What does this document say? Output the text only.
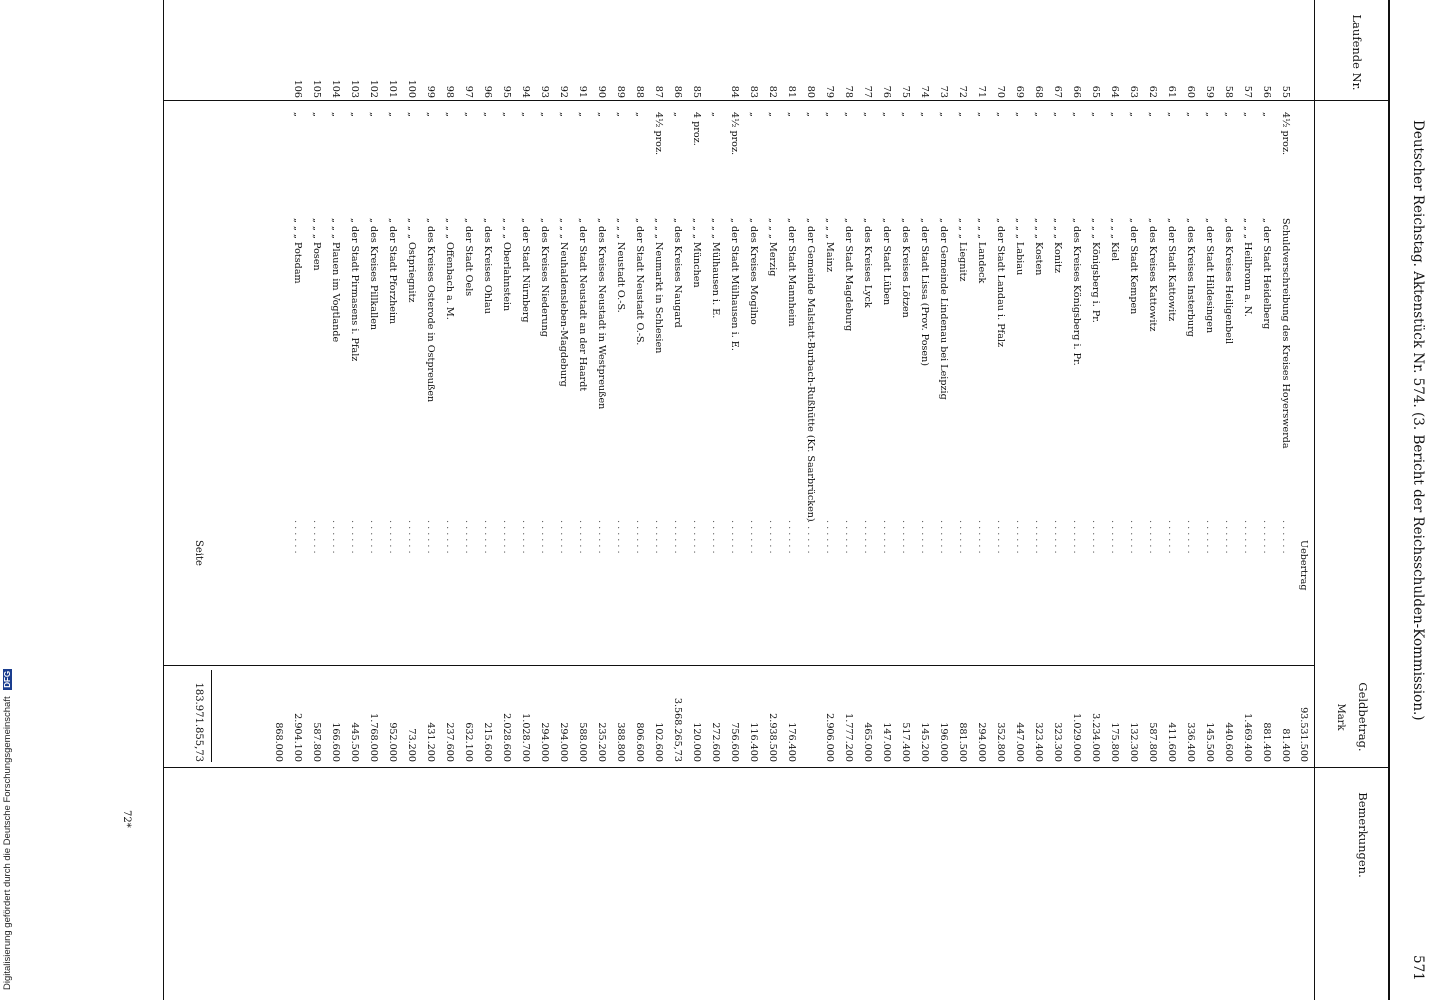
Digitalisierung gefördert durch die Deutsche Forschungsgemeinschaft DFG	Deutscher Reichstag. Aktenstück Nr. 574. (3. Bericht der Reichsschulden-Kommission.)
571
Laufende Nr.
Geldbetrag.
Mark
Bemerkungen.
Uebertrag
93.531.500
55
4½ proz.
Schuldverschreibung des Kreises Hoyerswerda
81.400
. . . . . .
56
„
„ der Stadt Heidelberg
881.400
. . . . . .
57
„
„ „ „ Heilbronn a. N.
1.469.400
. . . . . .
58
„
„ des Kreises Heiligenbeil
440.600
. . . . . .
59
„
„ der Stadt Hildesingen
145.500
. . . . . .
60
„
„ des Kreises Insterburg
336.400
. . . . . .
61
„
„ der Stadt Kattowitz
411.600
. . . . . .
62
„
„ des Kreises Kattowitz
587.800
. . . . . .
63
„
„ der Stadt Kempen
132.300
. . . . . .
64
„
„ „ „ Kiel
175.800
. . . . . .
65
„
„ „ „ Königsberg i. Pr.
3.234.000
. . . . . .
66
„
„ des Kreises Königsberg i. Pr.
1.029.000
. . . . . .
67
„
„ „ „ Konitz
323.300
. . . . . .
68
„
„ „ „ Kosten
323.400
. . . . . .
69
„
„ „ „ Labiau
447.000
. . . . . .
70
„
„ der Stadt Landau i. Pfalz
352.800
. . . . . .
71
„
„ „ „ Landeck
294.000
. . . . . .
72
„
„ „ „ Liegnitz
881.500
. . . . . .
73
„
„ der Gemeinde Lindenau bei Leipzig
196.000
. . . . . .
74
„
„ der Stadt Lissa (Prov. Posen)
145.200
. . . . . .
75
„
„ des Kreises Lötzen
517.400
. . . . . .
76
„
„ der Stadt Lüben
147.000
. . . . . .
77
„
„ des Kreises Lyck
465.000
. . . . . .
78
„
„ der Stadt Magdeburg
1.777.200
. . . . . .
79
„
„ „ „ Mainz
2.906.000
. . . . . .
80
„
„ der Gemeinde Malstatt-Burbach-Rußhütte (Kr. Saarbrücken)
. . . . . .
81
„
„ der Stadt Mannheim
176.400
. . . . . .
82
„
„ „ „ Merzig
2.938.500
. . . . . .
83
„
„ des Kreises Mogilno
116.400
. . . . . .
84
4½ proz.
„ der Stadt Mülhausen i. E.
756.600
. . . . . .
„
„ „ „ Mülhausen i. E.
272.600
. . . . . .
85
4 proz.
„ „ „ München
120.000
. . . . . .
86
„
„ des Kreises Naugard
3.568.265,73
. . . . . .
87
4½ proz.
„ „ „ Neumarkt in Schlesien
102.600
. . . . . .
88
„
„ der Stadt Neustadt O.-S.
806.600
. . . . . .
89
„
„ „ „ Neustadt O.-S.
388.800
. . . . . .
90
„
„ des Kreises Neustadt in Westpreußen
235.200
. . . . . .
91
„
„ der Stadt Neustadt an der Haardt
588.000
. . . . . .
92
„
„ „ „ Neuhaldensleben-Magdeburg
294.000
. . . . . .
93
„
„ des Kreises Niederung
294.000
. . . . . .
94
„
„ der Stadt Nürnberg
1.028.700
. . . . . .
95
„
„ „ „ Oberlahnstein
2.028.600
. . . . . .
96
„
„ des Kreises Ohlau
215.600
. . . . . .
97
„
„ der Stadt Oels
632.100
. . . . . .
98
„
„ „ „ Offenbach a. M.
237.600
. . . . . .
99
„
„ des Kreises Osterode in Ostpreußen
431.200
. . . . . .
100
„
„ „ „ Ostpriegnitz
73.200
. . . . . .
101
„
„ der Stadt Pforzheim
952.000
. . . . . .
102
„
„ des Kreises Pillkallen
1.768.000
. . . . . .
103
„
„ der Stadt Pirmasens i. Pfalz
445.500
. . . . . .
104
„
„ „ „ Plauen im Vogtlande
166.600
. . . . . .
105
„
„ „ „ Posen
587.800
. . . . . .
106
„
„ „ „ Potsdam
2.904.100
. . . . . .
868.000
Seite
183.971.855,73
72*
